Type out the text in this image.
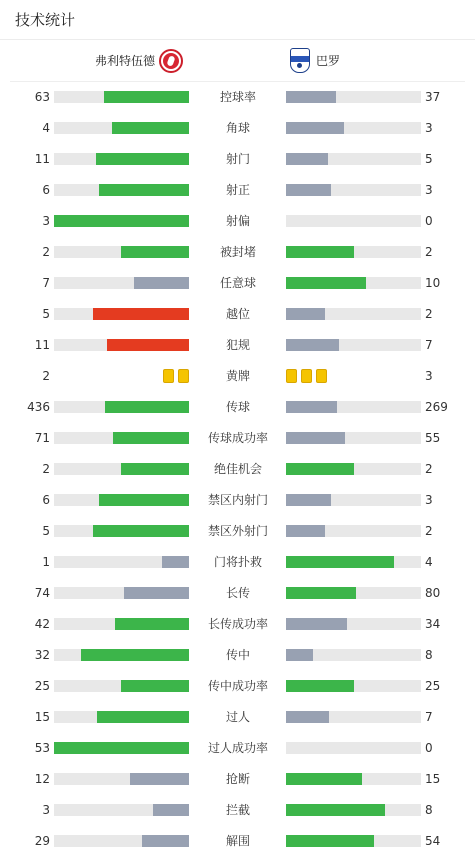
技术统计
弗利特伍德	巴罗
63	控球率	37
4	角球	3
11	射门	5
6	射正	3
3	射偏	0
2	被封堵	2
7	任意球	10
5	越位	2
11	犯规	7
2	黄牌	3
436	传球	269
71	传球成功率	55
2	绝佳机会	2
6	禁区内射门	3
5	禁区外射门	2
1	门将扑救	4
74	长传	80
42	长传成功率	34
32	传中	8
25	传中成功率	25
15	过人	7
53	过人成功率	0
12	抢断	15
3	拦截	8
29	解围	54
